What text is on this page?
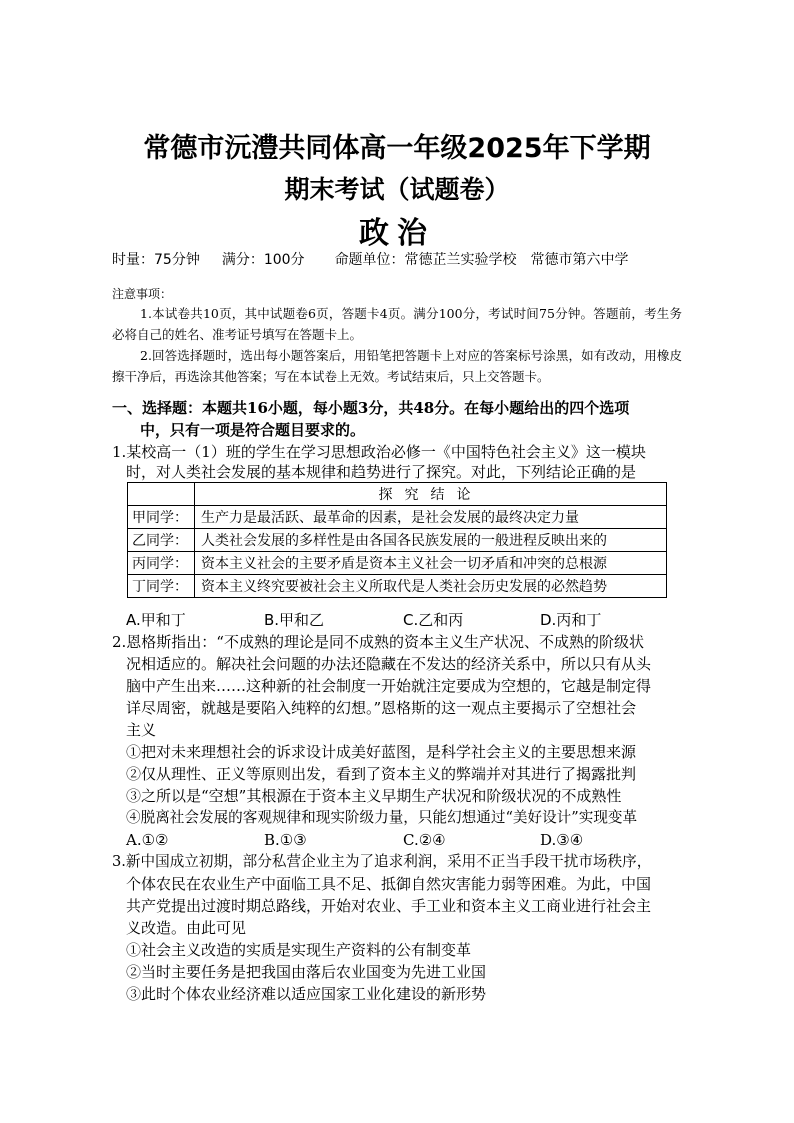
常德市沅澧共同体高一年级2025年下学期
期末考试（试题卷）
政治
时量：75分钟 满分：100分 命题单位：常德芷兰实验学校　常德市第六中学
注意事项：
1.本试卷共10页，其中试题卷6页，答题卡4页。满分100分，考试时间75分钟。答题前，考生务必将自己的姓名、准考证号填写在答题卡上。
2.回答选择题时，选出每小题答案后，用铅笔把答题卡上对应的答案标号涂黑，如有改动，用橡皮擦干净后，再选涂其他答案；写在本试卷上无效。考试结束后，只上交答题卡。
一、选择题：本题共16小题，每小题3分，共48分。在每小题给出的四个选项
中，只有一项是符合题目要求的。
1.某校高一（1）班的学生在学习思想政治必修一《中国特色社会主义》这一模块
时，对人类社会发展的基本规律和趋势进行了探究。对此，下列结论正确的是
	探究结论
甲同学：	生产力是最活跃、最革命的因素，是社会发展的最终决定力量
乙同学：	人类社会发展的多样性是由各国各民族发展的一般进程反映出来的
丙同学：	资本主义社会的主要矛盾是资本主义社会一切矛盾和冲突的总根源
丁同学：	资本主义终究要被社会主义所取代是人类社会历史发展的必然趋势
A.甲和丁	B.甲和乙	C.乙和丙	D.丙和丁
2.恩格斯指出：“不成熟的理论是同不成熟的资本主义生产状况、不成熟的阶级状
况相适应的。解决社会问题的办法还隐藏在不发达的经济关系中，所以只有从头
脑中产生出来……这种新的社会制度一开始就注定要成为空想的，它越是制定得
详尽周密，就越是要陷入纯粹的幻想。”恩格斯的这一观点主要揭示了空想社会
主义
①把对未来理想社会的诉求设计成美好蓝图，是科学社会主义的主要思想来源
②仅从理性、正义等原则出发，看到了资本主义的弊端并对其进行了揭露批判
③之所以是“空想”其根源在于资本主义早期生产状况和阶级状况的不成熟性
④脱离社会发展的客观规律和现实阶级力量，只能幻想通过“美好设计”实现变革
A.①②	B.①③	C.②④	D.③④
3.新中国成立初期，部分私营企业主为了追求利润，采用不正当手段干扰市场秩序，
个体农民在农业生产中面临工具不足、抵御自然灾害能力弱等困难。为此，中国
共产党提出过渡时期总路线，开始对农业、手工业和资本主义工商业进行社会主
义改造。由此可见
①社会主义改造的实质是实现生产资料的公有制变革
②当时主要任务是把我国由落后农业国变为先进工业国
③此时个体农业经济难以适应国家工业化建设的新形势
